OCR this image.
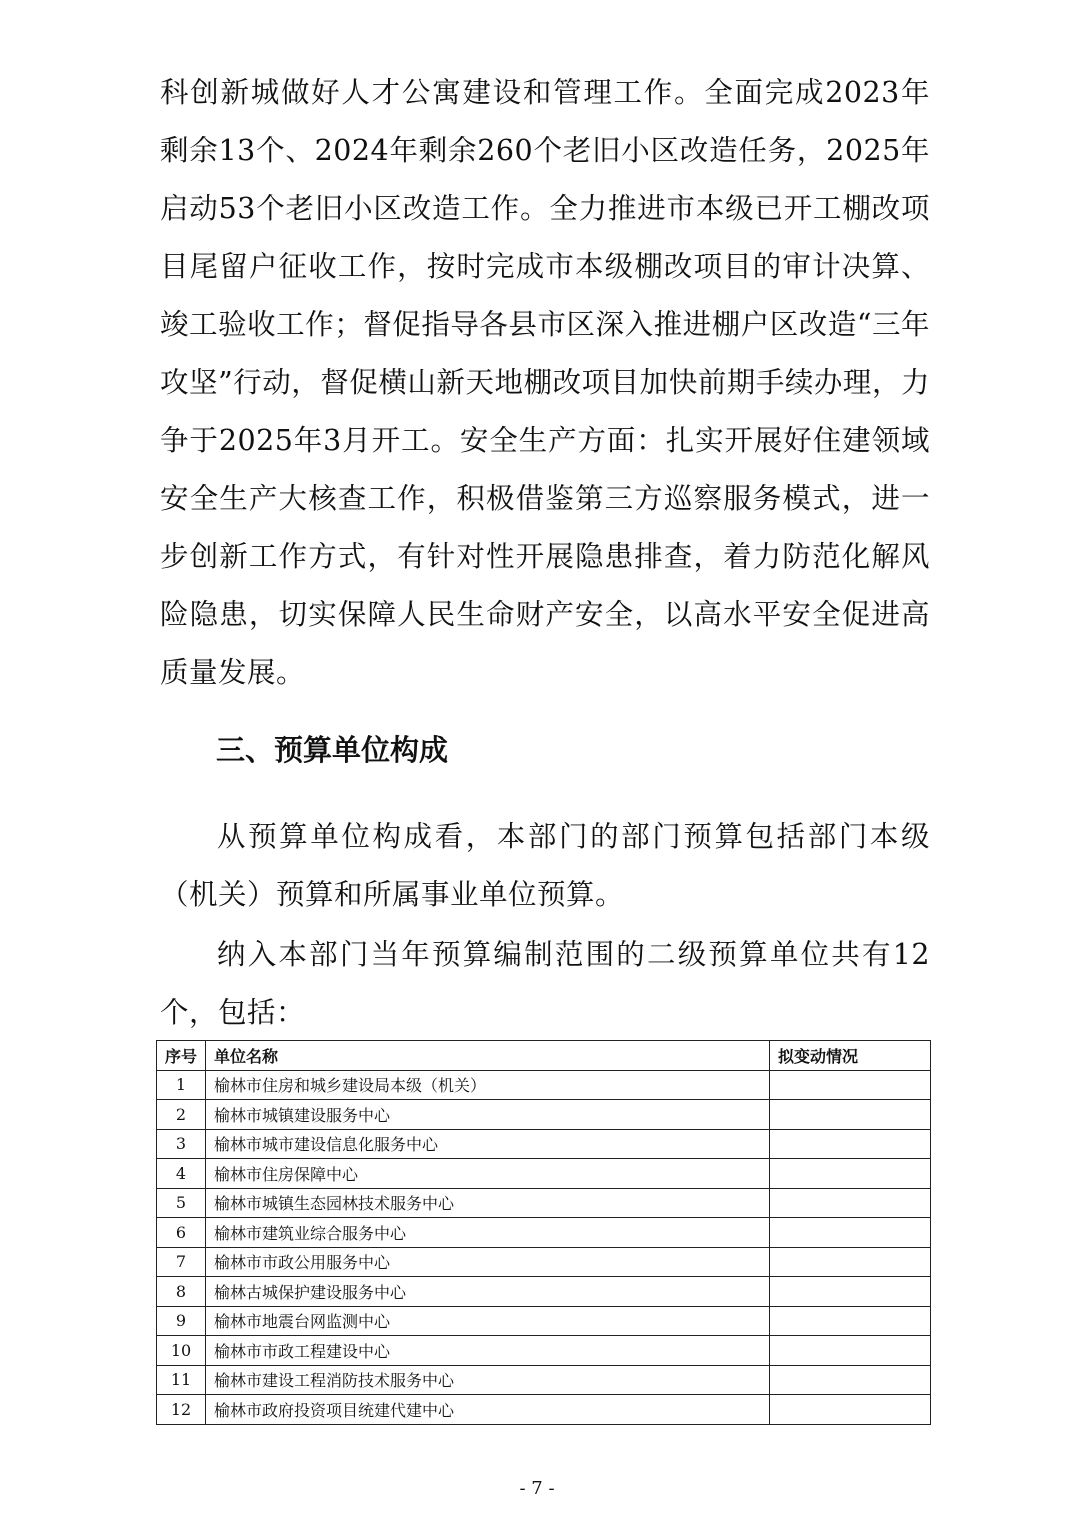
科创新城做好人才公寓建设和管理工作。全面完成2023年剩余13个、2024年剩余260个老旧小区改造任务，2025年启动53个老旧小区改造工作。全力推进市本级已开工棚改项目尾留户征收工作，按时完成市本级棚改项目的审计决算、竣工验收工作；督促指导各县市区深入推进棚户区改造“三年攻坚”行动，督促横山新天地棚改项目加快前期手续办理，力争于2025年3月开工。安全生产方面：扎实开展好住建领域安全生产大核查工作，积极借鉴第三方巡察服务模式，进一步创新工作方式，有针对性开展隐患排查，着力防范化解风险隐患，切实保障人民生命财产安全，以高水平安全促进高质量发展。

三、预算单位构成

从预算单位构成看，本部门的部门预算包括部门本级（机关）预算和所属事业单位预算。

纳入本部门当年预算编制范围的二级预算单位共有12个，包括：

序号	单位名称	拟变动情况
1	榆林市住房和城乡建设局本级（机关）	
2	榆林市城镇建设服务中心	
3	榆林市城市建设信息化服务中心	
4	榆林市住房保障中心	
5	榆林市城镇生态园林技术服务中心	
6	榆林市建筑业综合服务中心	
7	榆林市市政公用服务中心	
8	榆林古城保护建设服务中心	
9	榆林市地震台网监测中心	
10	榆林市市政工程建设中心	
11	榆林市建设工程消防技术服务中心	
12	榆林市政府投资项目统建代建中心	
- 7 -
